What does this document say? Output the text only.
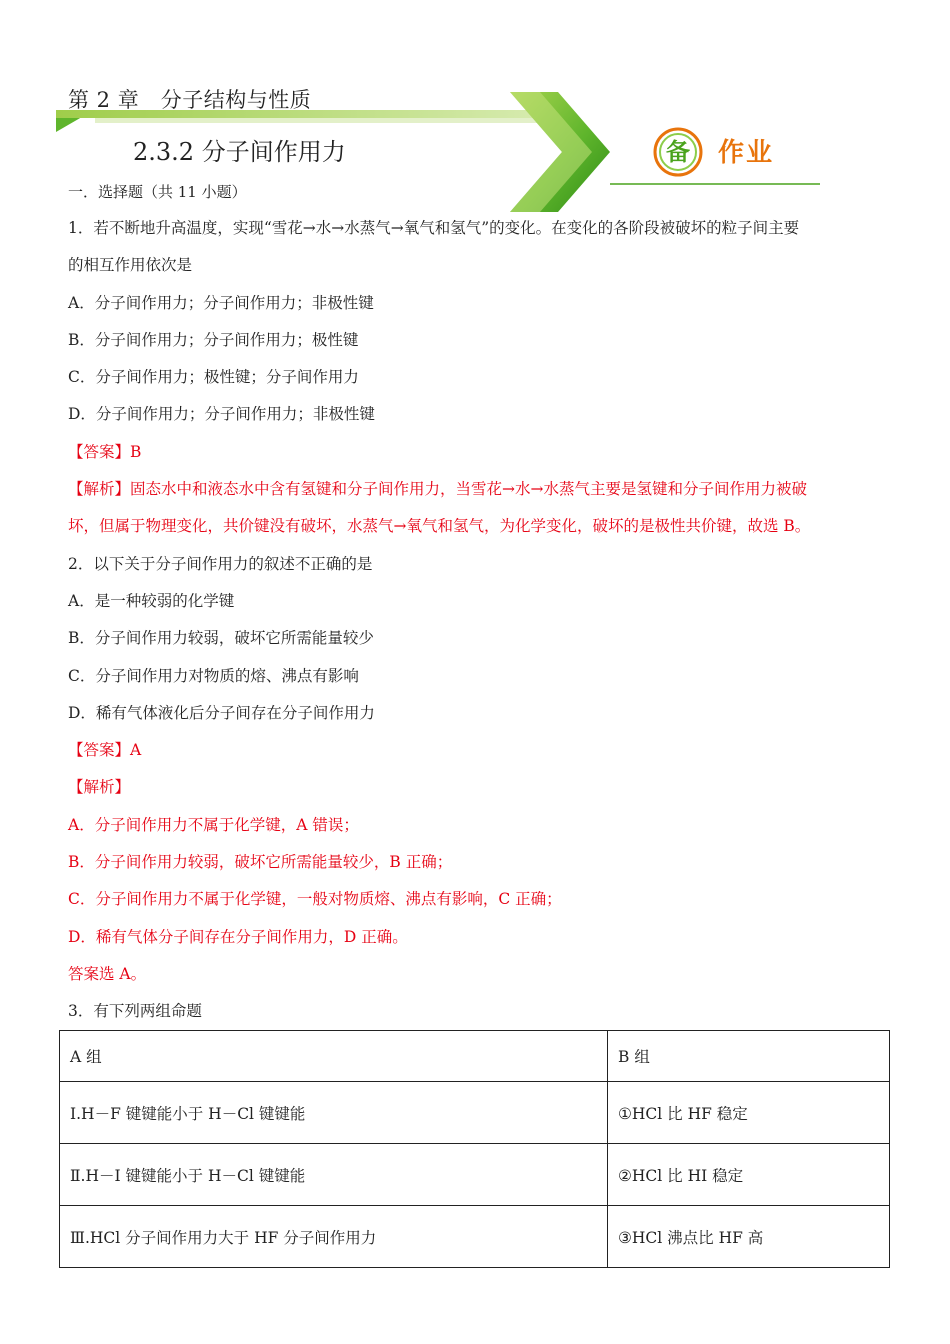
第 2 章　分子结构与性质
2.3.2 分子间作用力	备	作业
一．选择题（共 11 小题）
1．若不断地升高温度，实现“雪花→水→水蒸气→氧气和氢气”的变化。在变化的各阶段被破坏的粒子间主要
的相互作用依次是
A．分子间作用力；分子间作用力；非极性键
B．分子间作用力；分子间作用力；极性键
C．分子间作用力；极性键；分子间作用力
D．分子间作用力；分子间作用力；非极性键
【答案】B
【解析】固态水中和液态水中含有氢键和分子间作用力，当雪花→水→水蒸气主要是氢键和分子间作用力被破
坏，但属于物理变化，共价键没有破坏，水蒸气→氧气和氢气，为化学变化，破坏的是极性共价键，故选 B。
2．以下关于分子间作用力的叙述不正确的是
A．是一种较弱的化学键
B．分子间作用力较弱，破坏它所需能量较少
C．分子间作用力对物质的熔、沸点有影响
D．稀有气体液化后分子间存在分子间作用力
【答案】A
【解析】
A．分子间作用力不属于化学键，A 错误；
B．分子间作用力较弱，破坏它所需能量较少，B 正确；
C．分子间作用力不属于化学键，一般对物质熔、沸点有影响，C 正确；
D．稀有气体分子间存在分子间作用力，D 正确。
答案选 A。
3．有下列两组命题
A 组	B 组
Ⅰ.H－F 键键能小于 H－Cl 键键能	①HCl 比 HF 稳定
Ⅱ.H－I 键键能小于 H－Cl 键键能	②HCl 比 HI 稳定
Ⅲ.HCl 分子间作用力大于 HF 分子间作用力	③HCl 沸点比 HF 高
